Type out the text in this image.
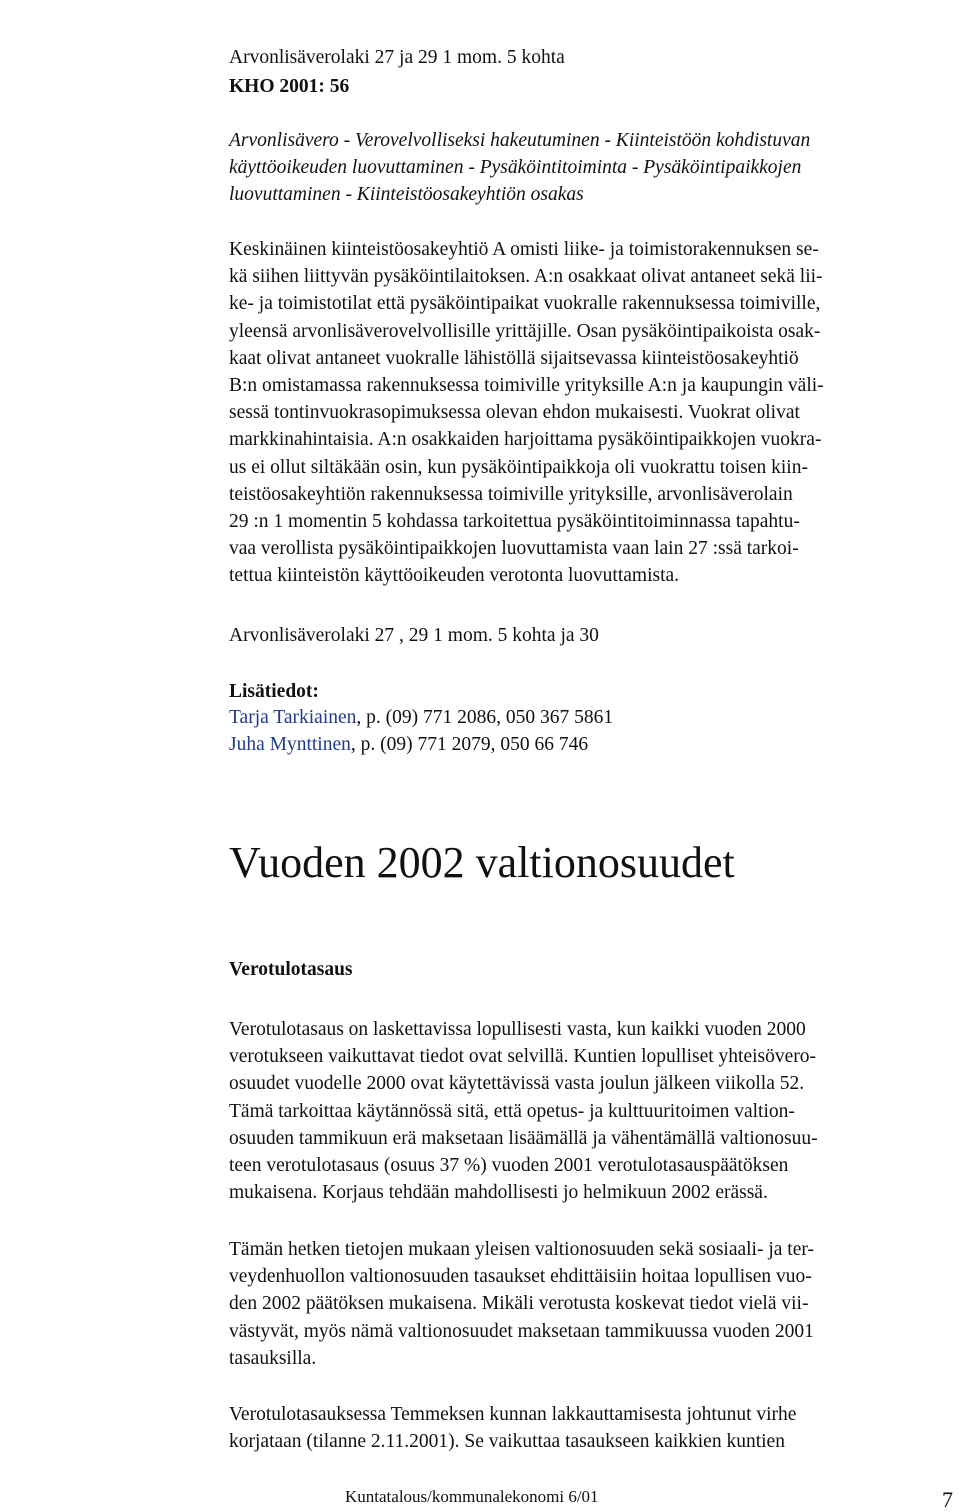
Arvonlisäverolaki 27 ja 29 1 mom. 5 kohta

KHO 2001: 56

Arvonlisävero - Verovelvolliseksi hakeutuminen - Kiinteistöön kohdistuvan
käyttöoikeuden luovuttaminen - Pysäköintitoiminta - Pysäköintipaikkojen
luovuttaminen - Kiinteistöosakeyhtiön osakas
Keskinäinen kiinteistöosakeyhtiö A omisti liike- ja toimistorakennuksen se-
kä siihen liittyvän pysäköintilaitoksen. A:n osakkaat olivat antaneet sekä lii-
ke- ja toimistotilat että pysäköintipaikat vuokralle rakennuksessa toimiville,
yleensä arvonlisäverovelvollisille yrittäjille. Osan pysäköintipaikoista osak-
kaat olivat antaneet vuokralle lähistöllä sijaitsevassa kiinteistöosakeyhtiö
B:n omistamassa rakennuksessa toimiville yrityksille A:n ja kaupungin väli-
sessä tontinvuokrasopimuksessa olevan ehdon mukaisesti. Vuokrat olivat
markkinahintaisia. A:n osakkaiden harjoittama pysäköintipaikkojen vuokra-
us ei ollut siltäkään osin, kun pysäköintipaikkoja oli vuokrattu toisen kiin-
teistöosakeyhtiön rakennuksessa toimiville yrityksille, arvonlisäverolain
29 :n 1 momentin 5 kohdassa tarkoitettua pysäköintitoiminnassa tapahtu-
vaa verollista pysäköintipaikkojen luovuttamista vaan lain 27 :ssä tarkoi-
tettua kiinteistön käyttöoikeuden verotonta luovuttamista.

Arvonlisäverolaki 27 , 29 1 mom. 5 kohta ja 30

Lisätiedot:

Tarja Tarkiainen, p. (09) 771 2086, 050 367 5861

Juha Mynttinen, p. (09) 771 2079, 050 66 746

Vuoden 2002 valtionosuudet

Verotulotasaus

Verotulotasaus on laskettavissa lopullisesti vasta, kun kaikki vuoden 2000
verotukseen vaikuttavat tiedot ovat selvillä. Kuntien lopulliset yhteisövero-
osuudet vuodelle 2000 ovat käytettävissä vasta joulun jälkeen viikolla 52.
Tämä tarkoittaa käytännössä sitä, että opetus- ja kulttuuritoimen valtion-
osuuden tammikuun erä maksetaan lisäämällä ja vähentämällä valtionosuu-
teen verotulotasaus (osuus 37 %) vuoden 2001 verotulotasauspäätöksen
mukaisena. Korjaus tehdään mahdollisesti jo helmikuun 2002 erässä.
Tämän hetken tietojen mukaan yleisen valtionosuuden sekä sosiaali- ja ter-
veydenhuollon valtionosuuden tasaukset ehdittäisiin hoitaa lopullisen vuo-
den 2002 päätöksen mukaisena. Mikäli verotusta koskevat tiedot vielä vii-
västyvät, myös nämä valtionosuudet maksetaan tammikuussa vuoden 2001
tasauksilla.
Verotulotasauksessa Temmeksen kunnan lakkauttamisesta johtunut virhe
korjataan (tilanne 2.11.2001). Se vaikuttaa tasaukseen kaikkien kuntien

Kuntatalous/kommunalekonomi 6/01	7
